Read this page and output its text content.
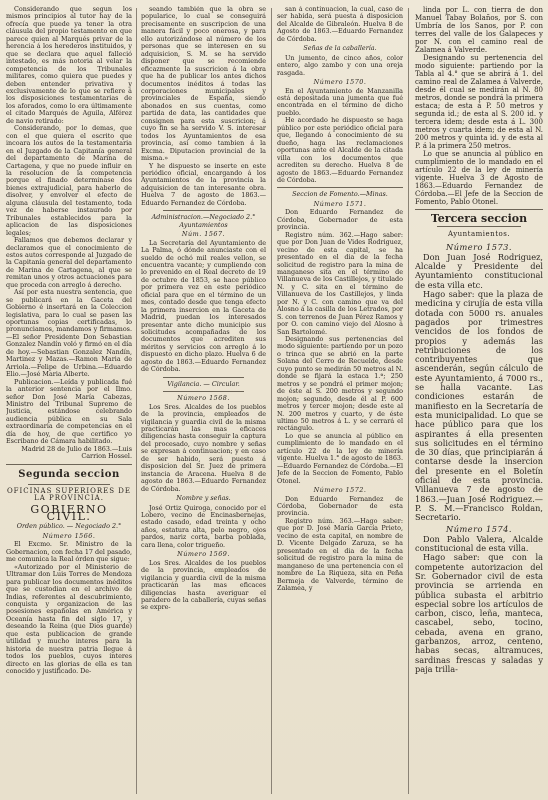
Considerando que segun los mismos principios al tutor hay de la ofrecía que puede ya tener la otra cláusula del propio testamento en que parece quien al Marqués privar de la herencia á los herederos instituidos, y que se declara que aquel falleció intestado, es más notoria al velar la competencia de los Tribunales militares, como quiera que puedes y deben entender privativa y exclusivamente de lo que se refiere á los disposiciones testamentarias de los aforados, como lo era últimamente el citado Marqués de Aguila, Alférez de navio retirado:

Considerando, por lo demas, que con el que quiera el escrito que incoara los autos de la testamentaria en el Juzgado de la Capitanía general del departamento de Marina de Cartagena, y que no puede influir en la resolucion de la competencia porque el finado determinase dos bienes extrajudicial, para haberlo de disolver, y envolver el efecto de alguna cláusula del testamento, toda vez de haberse instaurado por Tribunales establecidos para la aplicacion de las disposiciones legales;

Fallamos que debemos declarar y declaramos que el conocimiento de estos autos corresponde al Juzgado de la Capitanía general del departamento de Marina de Cartagena, al que se remitan unos y otros actuaciones para que proceda con arreglo á derecho.

Así por esta nuestra sentencia, que se publicará en la Gaceta del Gobierno é insertará en la Coleccion legislativa, para lo cual se pasen las oportunas copias certificadas, lo pronunciamos, mandamos y firmamos.—El señor Presidente Don Sebastian Gonzalez Nandín voló y firmó en el día de hoy.—Sebastian Gonzalez Nandín, Martinez y Mazas.—Ramon Maria de Arriola.—Felipe de Urbina.—Eduardo Elio.—José Maria Alberte.

Publicacion.—Leída y publicada fué la anterior sentencia por el Ilmo. señor Don José María Cabezas, Ministro del Tribunal Supremo de Justicia, estándose celebrando audiencia pública en su Sala extraordinaria de competencias en el día de hoy, de que certifico yo Escribano de Cámara habilitado.

Madrid 28 de Julio de 1863.—Luis Carrion Hossel.

Segunda seccion
OFICINAS SUPERIORES DE LA PROVINCIA.
GOBIERNO CIVIL.
Orden público. — Negociado 2.°
Número 1566.

El Excmo. Sr. Ministro de la Gobernacion, con fecha 17 del pasado, me comunica la Real órden que sigue:

«Autorizado por el Ministerio de Ultramar don Luis Torres de Mendoza para publicar los documentos inéditos que se custodian en el archivo de Indias, referentes al descubrimiento, conquista y organizacion de las posesiones españolas en América y Oceanía hasta fin del siglo 17, y deseando la Reina (que Dios guarde) que esta publicacion de grande utilidad y mucho interes para la historia de nuestra patria llegue á todos los pueblos, cuyos interes directo en las glorias de ella es tan conocido y justificado. De-

seando también que la obra se popularice, lo cual se conseguirá precisamente en suscripcion de una manera fácil y poco onerosa, y para ello autorizándose al número de los personas que se interesen en su adquisicion, S. M. se ha servido disponer que se recomiende eficazmente la suscricion á la obra que ha de publicar los antes dichos documentos inéditos á todas las corporaciones municipales y provinciales de España, siendo abonados en sus cuentas, como partida de data, las cantidades que consignen para esta suscricion; á cuyo fin se ha servido V. S. interesar todos los Ayuntamientos de esa provincia, así como tambien á la Excma. Diputacion provincial de la misma.»

Y he dispuesto se inserte en este periódico oficial, encargando á los Ayuntamientos de la provincia la adquisicion de tan interesante obra. Huelva 7 de agosto de 1863.—Eduardo Fernandez de Córdoba.

Administracion.—Negociado 2.° Ayuntamientos
Núm. 1567.

La Secretaría del Ayuntamiento de La Palma, ó dónde anunciaste con el sueldo de ochó mil reales vellon, se encuentra vacante; y cumpliendo con lo prevenido en el Real decreto de 19 de octubre de 1853, se hace público por primera vez en este periódico oficial para que en el término de un mes, contado desde que tenga efecto la primera insercion en la Gaceta de Madrid, puedan los interesados presentar ante dicho municipio sus solicitudes acompañadas de los documentos que acrediten sus méritos y servicios con arreglo á lo dispuesto en dicho plazo. Huelva 6 de agosto de 1863.—Eduardo Fernandez de Córdoba.

Vigilancia. — Circular.
Número 1568.

Los Sres. Alcaldes de los pueblos de la provincia, empleados de vigilancia y guardia civil de la misma practicarán las mas eficaces diligencias hasta conseguir la captura del procesado, cuyo nombre y señas se expresan á continuacion; y en caso de ser habido, será puesto á disposicion del Sr. Juez de primera instancia de Aracena. Huelva 8 de agosto de 1863.—Eduardo Fernandez de Córdoba.

Nombre y señas.

José Ortiz Quiroga, conocido por el Lobero, vecino de Encinasbernejas, estado casado, edad treinta y ocho años, estatura alta, pelo negro, ojos pardos, nariz corta, barba poblada, cara llena, color trigueño.

Número 1569.

Los Sres. Alcaldes de los pueblos de la provincia, empleados de vigilancia y guardia civil de la misma practicarán las mas eficaces diligencias hasta averiguar el paradero de la caballería, cuyas señas se expre-

san á continuacion, la cual, caso de ser habida, será puesta á disposicion del Alcalde de Gibraleón. Huelva 8 de Agosto de 1863.—Eduardo Fernandez de Córdoba.

Señas de la caballería.

Un jumento, de cinco años, color entero, algo zambo y con una oreja rasgada.

Número 1570.

En el Ayuntamiento de Manzanilla está depositada una jumenta que fué encontrada en el término de dicho pueblo.

He acordado he dispuesto se haga público por este periódico oficial para que, llegando á conocimiento de su dueño, haga las reclamaciones oportunas ante el Alcalde de la citada villa con los documentos que acrediten su derecho. Huelva 8 de agosto de 1863.—Eduardo Fernandez de Córdoba.

Seccion de Fomento.—Minas.
Número 1571.

Don Eduardo Fernandez de Córdoba, Gobernador de esta provincia.

Registro núm. 362.—Hago saber: que por Don Juan de Vides Rodriguez, vecino de esta capital, se ha presentado en el dia de la fecha solicitud de registro para la mina de manganeso sita en el término de Villanueva de los Castillejos, y titulado N. y C. sita en el término de Villanueva de los Castillejos, y linda por N. y C. con camino que va del Alosno á la casilla de los Letrados, por S. con terrenos de Juan Pérez Ramos y por O. con camino viejo del Alosno á San Bartolomé.

Designando sus pertenencias del modo siguiente: partiendo por un pozo o trinca que se abrió en la parte Solana del Cerro de Recuelde, desde cuyo punto se medirán 50 metros al N. donde se fijará la estaca 1.ª; 250 metros y se pondrá el primer mojon; de éste al S. 200 metros y segundo mojon; segundo, desde él al P. 600 metros y tercer mojon; desde este al N. 200 metros y cuarto, y de éste ultimo 50 metros á L. y se cerrará el rectángulo.

Lo que se anuncia al público en cumplimiento de lo mandado en el artículo 22 de la ley de minería vigente. Huelva 1.° de agosto de 1863.—Eduardo Fernandez de Córdoba.—El Jefe de la Seccion de Fomento, Pablo Otonel.

Número 1572.

Don Eduardo Fernandez de Córdoba, Gobernador de esta provincia.

Registro núm. 363.—Hago saber: que por D. José María García Prieto, vecino de esta capital, en nombre de D. Vicente Delgado Zaruza, se ha presentado en el dia de la fecha solicitud de registro para la mina de manganeso de una pertenencia con el nombre de La Riqueza, sita en Peña Bermeja de Valverde, término de Zalamea, y

linda por L. con tierra de don Manuel Tabay Bolaños, por S. con Umbría de los Sanos, por P. con terres del valle de los Galapeces y por N. con el camino real de Zalamea á Valverde.

Designando su pertenencia del modo siguiente: partiendo por la Tabla al 4.° que se abrirá á 1. del camino real de Zalamea á Valverde, desde él cual se medirán al N. 80 metros, donde se pondrá la primera estaca; de esta á P. 50 metros y segunda id.; de esta al S. 200 id. y tercera idem; desde esta á L. 300 metros y cuarta idem; de esta al N. 200 metros y quinta id. y de esta al P. á la primera 250 metros.

Lo que se anuncia al público en cumplimiento de lo mandado en el artículo 22 de la ley de minería vigente. Huelva 3 de Agosto de 1863.—Eduardo Fernandez de Córdoba.—El Jefe de la Seccion de Fomento, Pablo Otonel.

Tercera seccion
Ayuntamientos.
Número 1573.

Don Juan José Rodriguez, Alcalde y Presidente del Ayuntamiento constitucional de esta villa etc.

Hago saber: que la plaza de medicina y cirujía de esta villa dotada con 5000 rs. anuales pagados por trimestres vencidos de los fondos de propios y además las retribuciones de los contribuyentes que ascenderán, según cálculo de este Ayuntamiento, á 7000 rs., se halla vacante. Las condiciones estarán de manifiesto en la Secretaría de esta municipalidad. Lo que se hace público para que los aspirantes á ella presenten sus solicitudes en el término de 30 días, que principiarán á contarse desde la insercion del presente en el Boletín oficial de esta provincia. Villanueva 7 de agosto de 1863.—Juan José Rodriguez.—P. S. M.—Francisco Roldan, Secretario.

Número 1574.

Don Pablo Valera, Alcalde constitucional de esta villa.

Hago saber: que con la competente autorizacion del Sr. Gobernador civil de esta provincia se arrienda en pública subasta el arbitrio especial sobre los artículos de carbon, cisco, leña, manteca, cascabel, sebo, tocino, cebada, avena en grano, garbanzos, arroz, centeno, habas secas, altramuces, sardinas frescas y saladas y paja trilla-
